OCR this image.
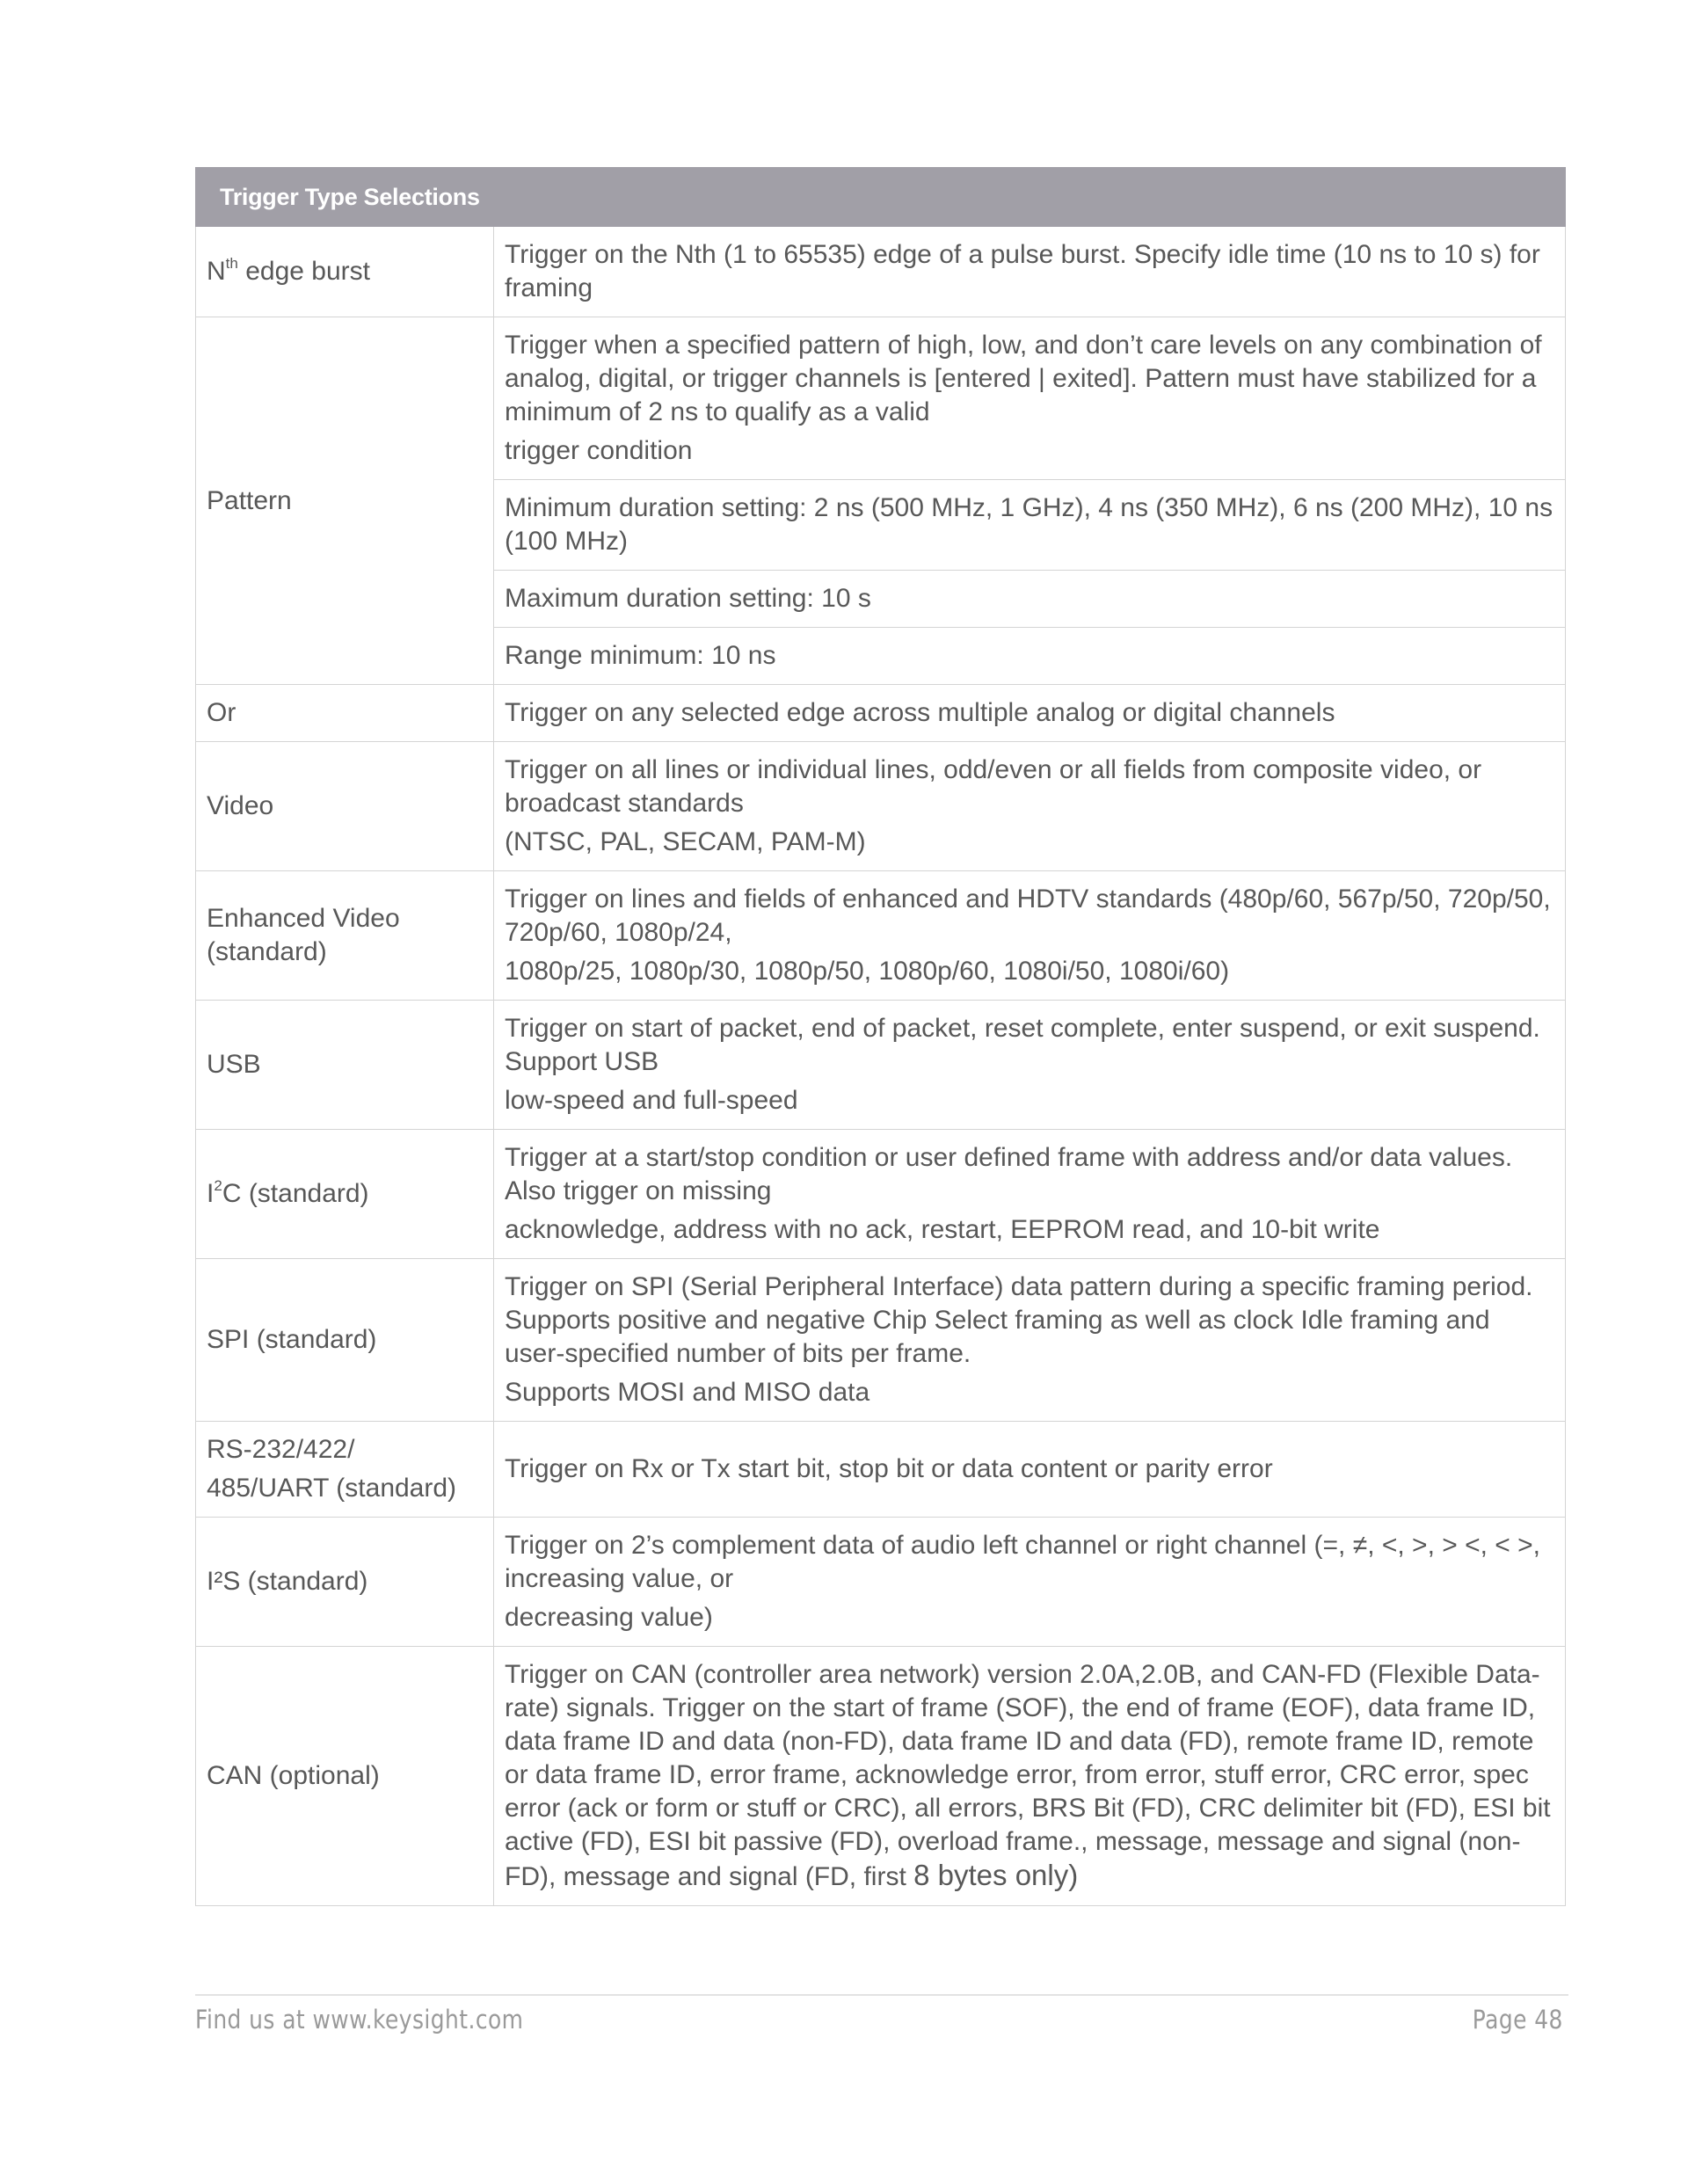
Trigger Type Selections	

$N^{th}$ edge burst	Trigger on the Nth (1 to 65535) edge of a pulse burst. Specify idle time (10 ns to 10 s) for framing

Pattern	Trigger when a specified pattern of high, low, and don’t care levels on any combination of analog, digital, or trigger channels is [entered | exited]. Pattern must have stabilized for a minimum of 2 ns to qualify as a valid

trigger condition

	Minimum duration setting: 2 ns (500 MHz, 1 GHz), 4 ns (350 MHz), 6 ns (200 MHz), 10 ns (100 MHz)

	Maximum duration setting: 10 s

	Range minimum: 10 ns

Or	Trigger on any selected edge across multiple analog or digital channels

Video	Trigger on all lines or individual lines, odd/even or all fields from composite video, or broadcast standards

(NTSC, PAL, SECAM, PAM-M)

Enhanced Video (standard)	Trigger on lines and fields of enhanced and HDTV standards (480p/60, 567p/50, 720p/50, 720p/60, 1080p/24,

1080p/25, 1080p/30, 1080p/50, 1080p/60, 1080i/50, 1080i/60)

USB	Trigger on start of packet, end of packet, reset complete, enter suspend, or exit suspend. Support USB

low-speed and full-speed

$I^2C$ (standard)	Trigger at a start/stop condition or user defined frame with address and/or data values. Also trigger on missing

acknowledge, address with no ack, restart, EEPROM read, and 10-bit write

SPI (standard)	Trigger on SPI (Serial Peripheral Interface) data pattern during a specific framing period. Supports positive and negative Chip Select framing as well as clock Idle framing and user-specified number of bits per frame.

Supports MOSI and MISO data

RS-232/422/
485/UART (standard)	Trigger on Rx or Tx start bit, stop bit or data content or parity error

I²S (standard)	Trigger on 2’s complement data of audio left channel or right channel (=, ≠, <, >, > <, < >, increasing value, or

decreasing value)

CAN (optional)	Trigger on CAN (controller area network) version 2.0A,2.0B, and CAN-FD (Flexible Data-rate) signals. Trigger on the start of frame (SOF), the end of frame (EOF), data frame ID, data frame ID and data (non-FD), data frame ID and data (FD), remote frame ID, remote or data frame ID, error frame, acknowledge error, from error, stuff error, CRC error, spec error (ack or form or stuff or CRC), all errors, BRS Bit (FD), CRC delimiter bit (FD), ESI bit active (FD), ESI bit passive (FD), overload frame., message, message and signal (non-FD), message and signal (FD, first 8 bytes only)

Find us at www.keysight.com	Page 48
